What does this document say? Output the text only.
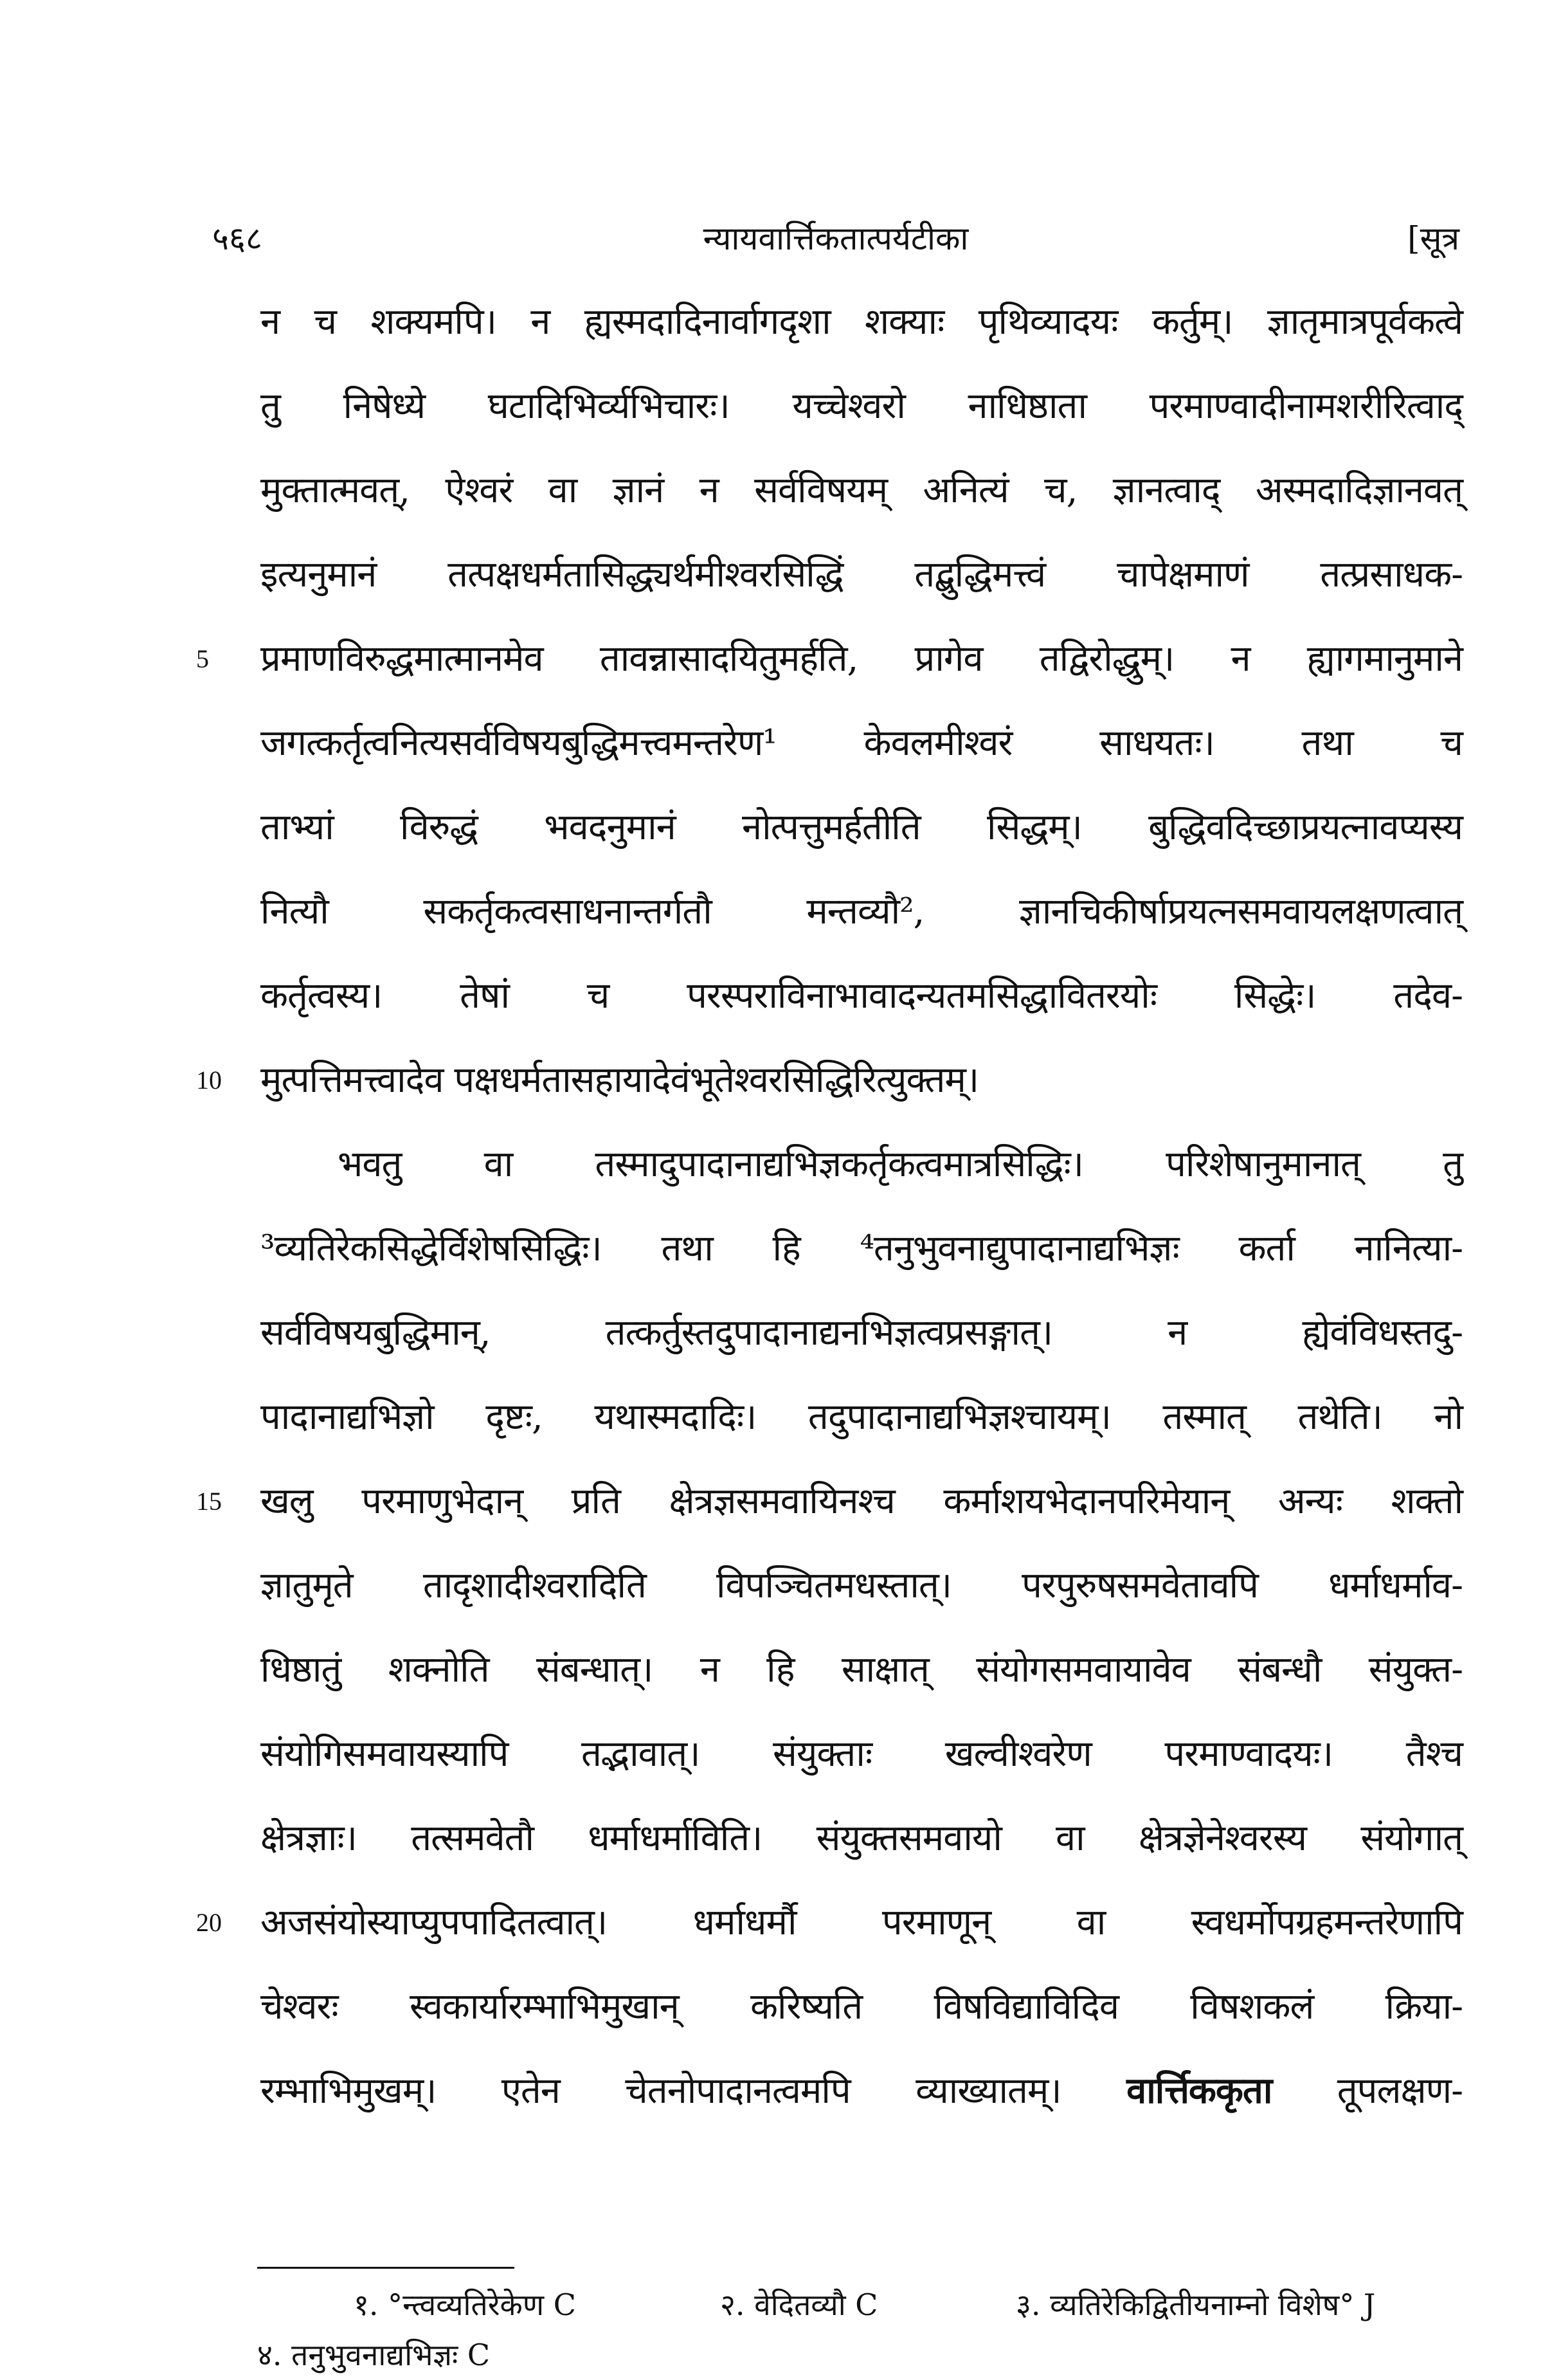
५६८	न्यायवार्त्तिकतात्पर्यटीका	[सूत्र
न च शक्यमपि। न ह्यस्मदादिनार्वागदृशा शक्याः पृथिव्यादयः कर्तुम्। ज्ञातृमात्रपूर्वकत्वे
तु निषेध्ये घटादिभिर्व्यभिचारः। यच्चेश्वरो नाधिष्ठाता परमाण्वादीनामशरीरित्वाद्
मुक्तात्मवत्, ऐश्वरं वा ज्ञानं न सर्वविषयम् अनित्यं च, ज्ञानत्वाद् अस्मदादिज्ञानवत्
इत्यनुमानं तत्पक्षधर्मतासिद्ध्यर्थमीश्वरसिद्धिं तद्बुद्धिमत्त्वं चापेक्षमाणं तत्प्रसाधक-
5	प्रमाणविरुद्धमात्मानमेव तावन्नासादयितुमर्हति, प्रागेव तद्विरोद्धुम्। न ह्यागमानुमाने
जगत्कर्तृत्वनित्यसर्वविषयबुद्धिमत्त्वमन्तरेण¹ केवलमीश्वरं साधयतः। तथा च
ताभ्यां विरुद्धं भवदनुमानं नोत्पत्तुमर्हतीति सिद्धम्। बुद्धिवदिच्छाप्रयत्नावप्यस्य
नित्यौ सकर्तृकत्वसाधनान्तर्गतौ मन्तव्यौ², ज्ञानचिकीर्षाप्रयत्नसमवायलक्षणत्वात्
कर्तृत्वस्य। तेषां च परस्पराविनाभावादन्यतमसिद्धावितरयोः सिद्धेः। तदेव-
10	मुत्पत्तिमत्त्वादेव पक्षधर्मतासहायादेवंभूतेश्वरसिद्धिरित्युक्तम्।
भवतु वा तस्मादुपादानाद्यभिज्ञकर्तृकत्वमात्रसिद्धिः। परिशेषानुमानात् तु
³व्यतिरेकसिद्धेर्विशेषसिद्धिः। तथा हि ⁴तनुभुवनाद्युपादानाद्यभिज्ञः कर्ता नानित्या-
सर्वविषयबुद्धिमान्, तत्कर्तुस्तदुपादानाद्यनभिज्ञत्वप्रसङ्गात्। न ह्येवंविधस्तदु-
पादानाद्यभिज्ञो दृष्टः, यथास्मदादिः। तदुपादानाद्यभिज्ञश्चायम्। तस्मात् तथेति। नो
15	खलु परमाणुभेदान् प्रति क्षेत्रज्ञसमवायिनश्च कर्माशयभेदानपरिमेयान् अन्यः शक्तो
ज्ञातुमृते तादृशादीश्वरादिति विपञ्चितमधस्तात्। परपुरुषसमवेतावपि धर्माधर्माव-
धिष्ठातुं शक्नोति संबन्धात्। न हि साक्षात् संयोगसमवायावेव संबन्धौ संयुक्त-
संयोगिसमवायस्यापि तद्भावात्। संयुक्ताः खल्वीश्वरेण परमाण्वादयः। तैश्च
क्षेत्रज्ञाः। तत्समवेतौ धर्माधर्माविति। संयुक्तसमवायो वा क्षेत्रज्ञेनेश्वरस्य संयोगात्
20	अजसंयोस्याप्युपपादितत्वात्। धर्माधर्मौ परमाणून् वा स्वधर्मोपग्रहमन्तरेणापि
चेश्वरः स्वकार्यारम्भाभिमुखान् करिष्यति विषविद्याविदिव विषशकलं क्रिया-
रम्भाभिमुखम्। एतेन चेतनोपादानत्वमपि व्याख्यातम्। वार्त्तिककृता तूपलक्षण-
१. °न्त्वव्यतिरेकेण C	२. वेदितव्यौ C	३. व्यतिरेकिद्वितीयनाम्नो विशेष° J
४. तनुभुवनाद्यभिज्ञः C
